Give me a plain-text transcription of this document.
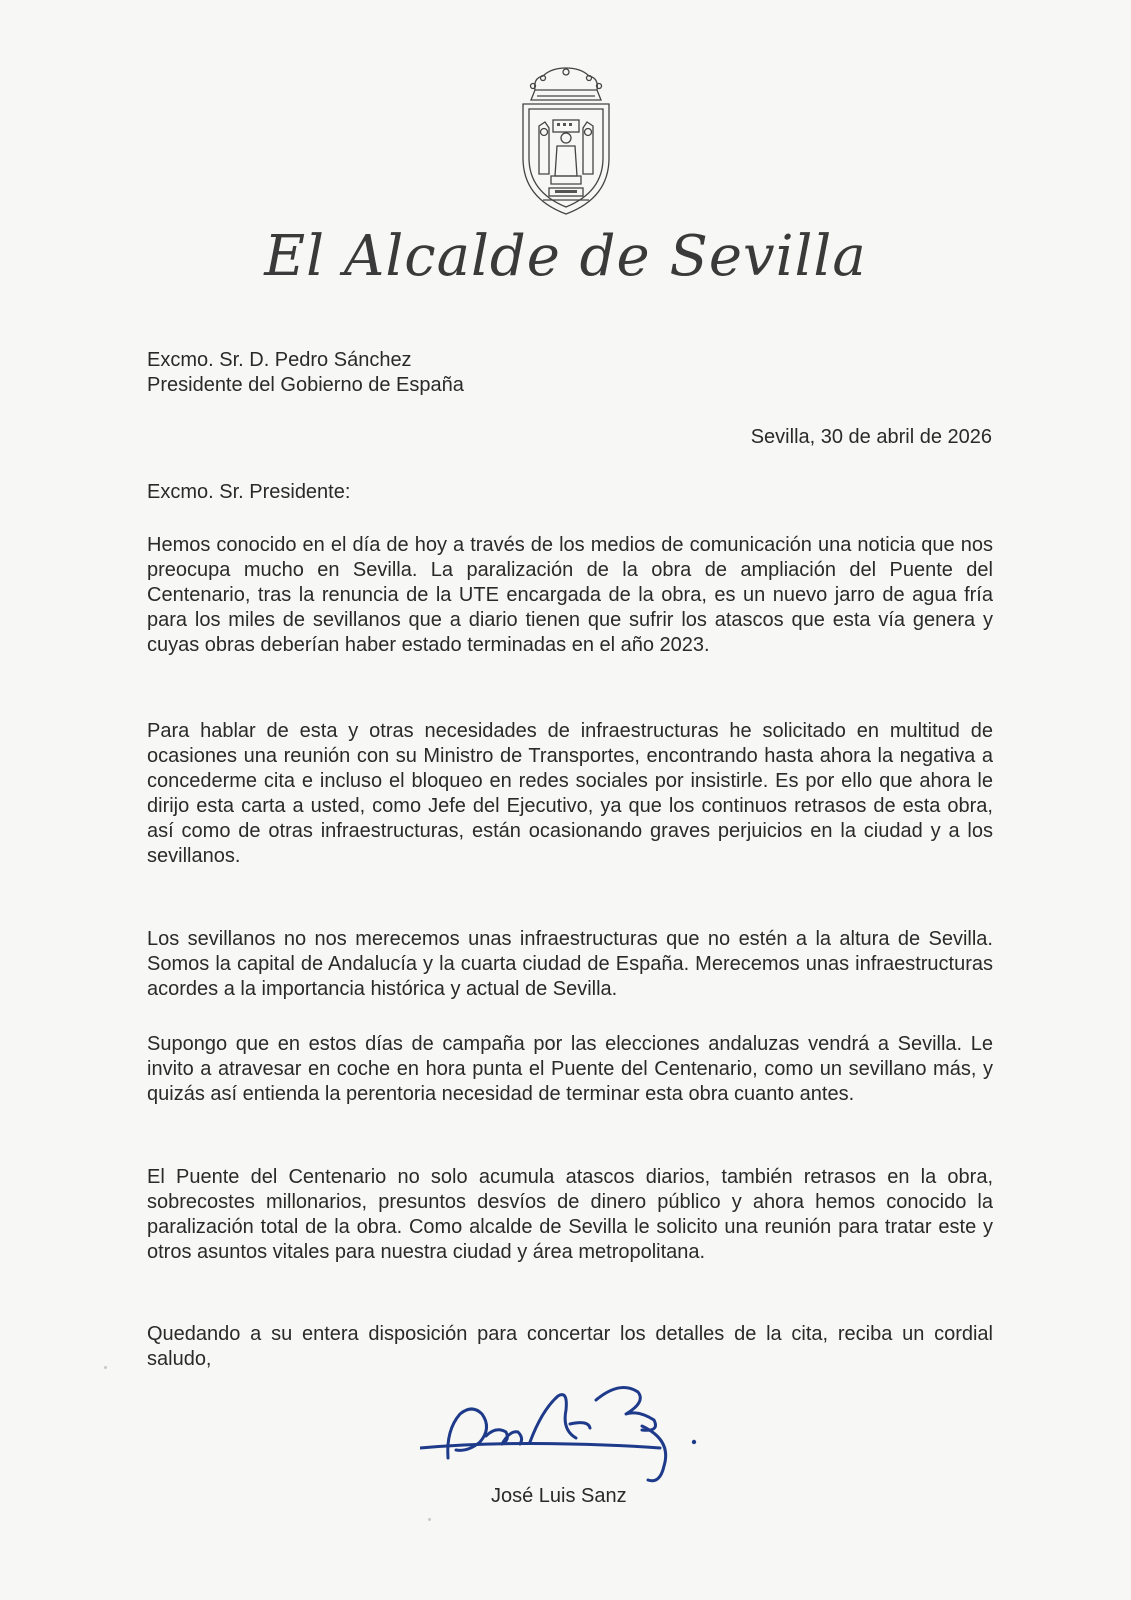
El Alcalde de Sevilla
Excmo. Sr. D. Pedro Sánchez
Presidente del Gobierno de España
Sevilla, 30 de abril de 2026
Excmo. Sr. Presidente:
Hemos conocido en el día de hoy a través de los medios de comunicación una noticia que nos preocupa mucho en Sevilla. La paralización de la obra de ampliación del Puente del Centenario, tras la renuncia de la UTE encargada de la obra, es un nuevo jarro de agua fría para los miles de sevillanos que a diario tienen que sufrir los atascos que esta vía genera y cuyas obras deberían haber estado terminadas en el año 2023.
Para hablar de esta y otras necesidades de infraestructuras he solicitado en multitud de ocasiones una reunión con su Ministro de Transportes, encontrando hasta ahora la negativa a concederme cita e incluso el bloqueo en redes sociales por insistirle. Es por ello que ahora le dirijo esta carta a usted, como Jefe del Ejecutivo, ya que los continuos retrasos de esta obra, así como de otras infraestructuras, están ocasionando graves perjuicios en la ciudad y a los sevillanos.
Los sevillanos no nos merecemos unas infraestructuras que no estén a la altura de Sevilla. Somos la capital de Andalucía y la cuarta ciudad de España. Merecemos unas infraestructuras acordes a la importancia histórica y actual de Sevilla.
Supongo que en estos días de campaña por las elecciones andaluzas vendrá a Sevilla. Le invito a atravesar en coche en hora punta el Puente del Centenario, como un sevillano más, y quizás así entienda la perentoria necesidad de terminar esta obra cuanto antes.
El Puente del Centenario no solo acumula atascos diarios, también retrasos en la obra, sobrecostes millonarios, presuntos desvíos de dinero público y ahora hemos conocido la paralización total de la obra. Como alcalde de Sevilla le solicito una reunión para tratar este y otros asuntos vitales para nuestra ciudad y área metropolitana.
Quedando a su entera disposición para concertar los detalles de la cita, reciba un cordial saludo,
José Luis Sanz
